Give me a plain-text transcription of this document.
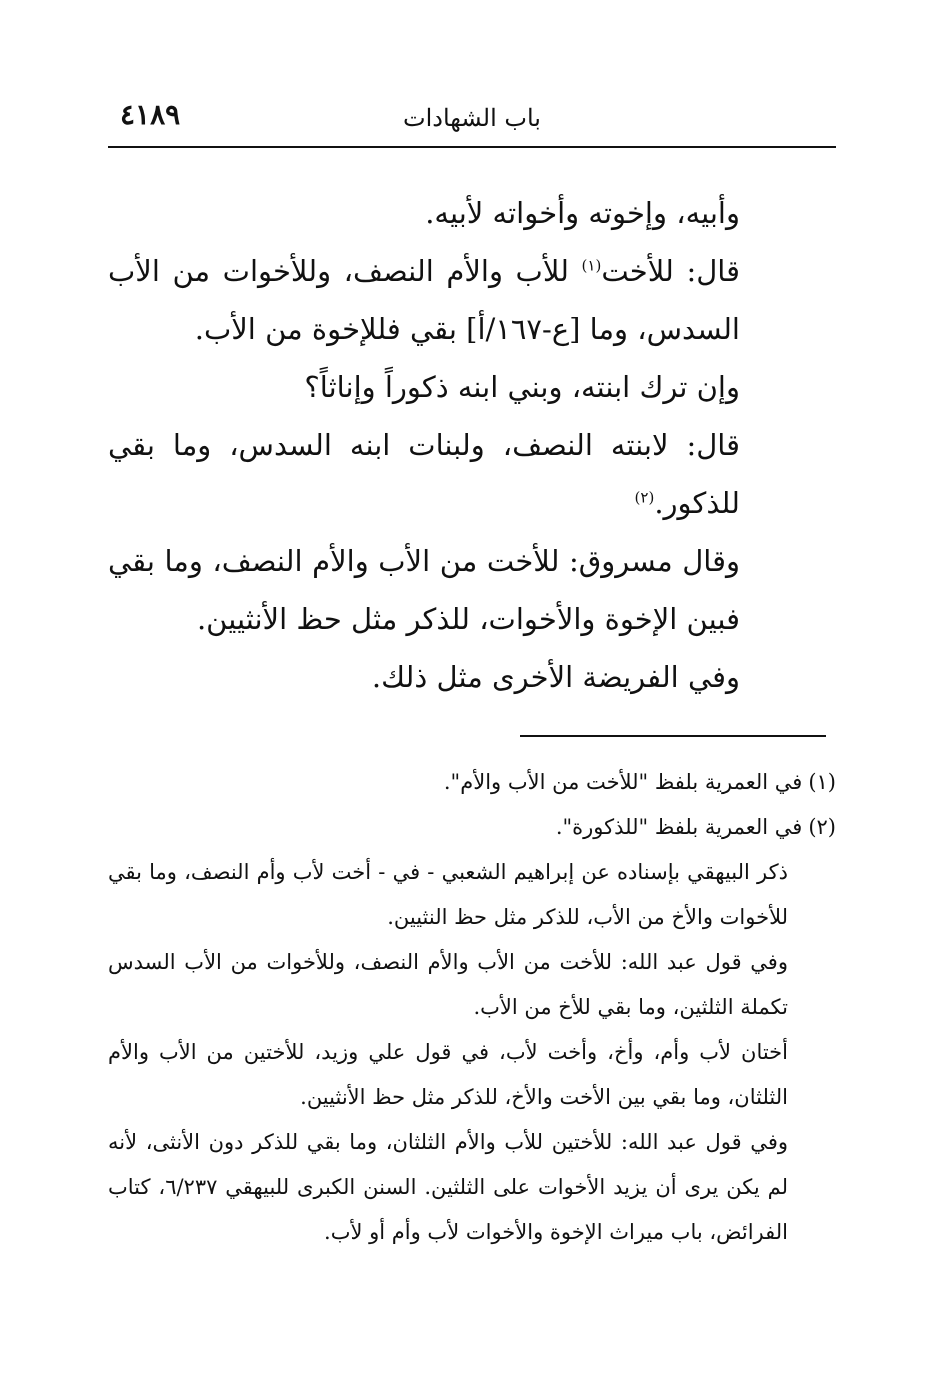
٤١٨٩	باب الشهادات

وأبيه، وإخوته وأخواته لأبيه.

قال: للأخت$^{(١)}$ للأب والأم النصف، وللأخوات من الأب السدس، وما [ع-١٦٧/أ] بقي فللإخوة من الأب.

وإن ترك ابنته، وبني ابنه ذكوراً وإناثاً؟

قال: لابنته النصف، ولبنات ابنه السدس، وما بقي للذكور.$^{(٢)}$

وقال مسروق: للأخت من الأب والأم النصف، وما بقي فبين الإخوة والأخوات، للذكر مثل حظ الأنثيين.

وفي الفريضة الأخرى مثل ذلك.

(١)في العمرية بلفظ "للأخت من الأب والأم".

(٢)في العمرية بلفظ "للذكورة".

ذكر البيهقي بإسناده عن إبراهيم الشعبي - في - أخت لأب وأم النصف، وما بقي للأخوات والأخ من الأب، للذكر مثل حظ النثيين.

وفي قول عبد الله: للأخت من الأب والأم النصف، وللأخوات من الأب السدس تكملة الثلثين، وما بقي للأخ من الأب.

أختان لأب وأم، وأخ، وأخت لأب، في قول علي وزيد، للأختين من الأب والأم الثلثان، وما بقي بين الأخت والأخ، للذكر مثل حظ الأنثيين.

وفي قول عبد الله: للأختين للأب والأم الثلثان، وما بقي للذكر دون الأنثى، لأنه لم يكن يرى أن يزيد الأخوات على الثلثين. السنن الكبرى للبيهقي ٦/٢٣٧، كتاب الفرائض، باب ميراث الإخوة والأخوات لأب وأم أو لأب.
